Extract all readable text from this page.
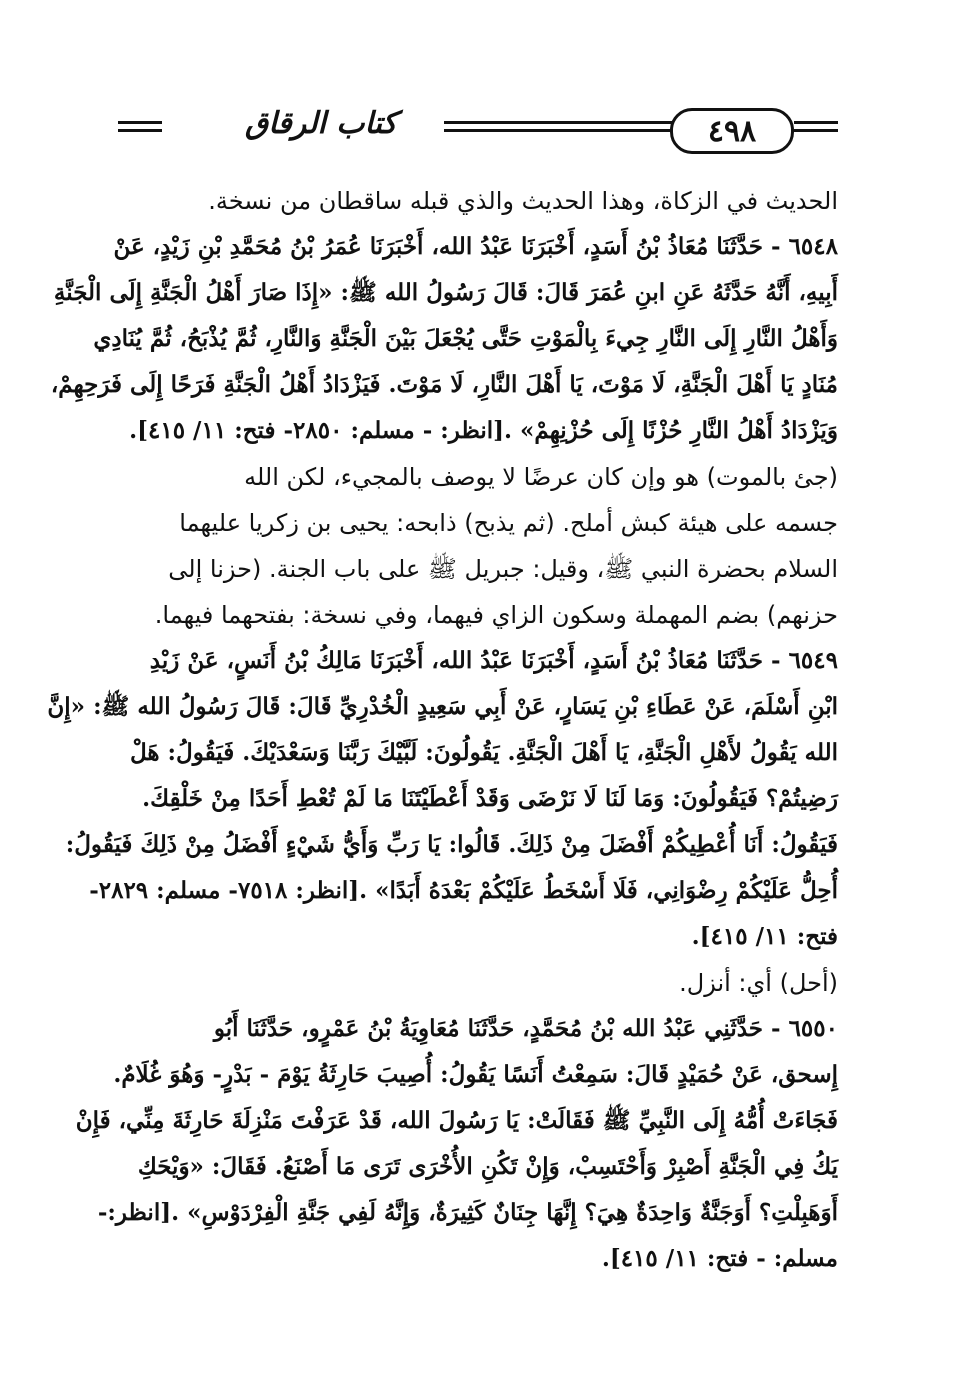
٤٩٨
كتاب الرقاق
الحديث في الزكاة، وهذا الحديث والذي قبله ساقطان من نسخة.
٦٥٤٨ - حَدَّثَنَا مُعَاذُ بْنُ أَسَدٍ، أَخْبَرَنَا عَبْدُ الله، أَخْبَرَنَا عُمَرُ بْنُ مُحَمَّدِ بْنِ زَيْدٍ، عَنْ
أَبِيهِ، أَنَّهُ حَدَّثَهُ عَنِ ابنِ عُمَرَ قَالَ: قَالَ رَسُولُ الله ﷺ: «إِذَا صَارَ أَهْلُ الْجَنَّةِ إِلَى الْجَنَّةِ
وَأَهْلُ النَّارِ إِلَى النَّارِ جِيءَ بِالْمَوْتِ حَتَّى يُجْعَلَ بَيْنَ الْجَنَّةِ وَالنَّارِ، ثُمَّ يُذْبَحُ، ثُمَّ يُنَادِي
مُنَادٍ يَا أَهْلَ الْجَنَّةِ، لَا مَوْتَ، يَا أَهْلَ النَّارِ، لَا مَوْتَ. فَيَزْدَادُ أَهْلُ الْجَنَّةِ فَرَحًا إِلَى فَرَحِهِمْ،
وَيَزْدَادُ أَهْلُ النَّارِ حُزْنًا إِلَى حُزْنِهِمْ» .[انظر: - مسلم: ٢٨٥٠- فتح: ١١/ ٤١٥].
(جئ بالموت) هو وإن كان عرضًا لا يوصف بالمجيء، لكن الله
جسمه على هيئة كبش أملح. (ثم يذبح) ذابحه: يحيى بن زكريا عليهما
السلام بحضرة النبي ﷺ، وقيل: جبريل ﷺ على باب الجنة. (حزنا إلى
حزنهم) بضم المهملة وسكون الزاي فيهما، وفي نسخة: بفتحهما فيهما.
٦٥٤٩ - حَدَّثَنَا مُعَاذُ بْنُ أَسَدٍ، أَخْبَرَنَا عَبْدُ الله، أَخْبَرَنَا مَالِكُ بْنُ أَنَسٍ، عَنْ زَيْدِ
ابْنِ أَسْلَمَ، عَنْ عَطَاءِ بْنِ يَسَارٍ، عَنْ أَبِي سَعِيدٍ الْخُدْرِيِّ قَالَ: قَالَ رَسُولُ الله ﷺ: «إِنَّ
الله يَقُولُ لأَهْلِ الْجَنَّةِ، يَا أَهْلَ الْجَنَّةِ. يَقُولُونَ: لَبَّيْكَ رَبَّنَا وَسَعْدَيْكَ. فَيَقُولُ: هَلْ
رَضِيتُمْ؟ فَيَقُولُونَ: وَمَا لَنَا لَا نَرْضَى وَقَدْ أَعْطَيْتَنَا مَا لَمْ تُعْطِ أَحَدًا مِنْ خَلْقِكَ.
فَيَقُولُ: أَنَا أُعْطِيكُمْ أَفْضَلَ مِنْ ذَلِكَ. قَالُوا: يَا رَبِّ وَأَيُّ شَيْءٍ أَفْضَلُ مِنْ ذَلِكَ فَيَقُولُ:
أُحِلُّ عَلَيْكُمْ رِضْوَانِي، فَلَا أَسْخَطُ عَلَيْكُمْ بَعْدَهُ أَبَدًا» .[انظر: ٧٥١٨- مسلم: ٢٨٢٩-
فتح: ١١/ ٤١٥].
(أحل) أي: أنزل.
٦٥٥٠ - حَدَّثَنِي عَبْدُ الله بْنُ مُحَمَّدٍ، حَدَّثَنَا مُعَاوِيَةُ بْنُ عَمْرٍو، حَدَّثَنَا أَبُو
إِسحق، عَنْ حُمَيْدٍ قَالَ: سَمِعْتُ أَنَسًا يَقُولُ: أُصِيبَ حَارِثَةُ يَوْمَ - بَدْرٍ- وَهُوَ غُلَامٌ.
فَجَاءَتْ أُمُّهُ إِلَى النَّبِيِّ ﷺ فَقَالَتْ: يَا رَسُولَ الله، قَدْ عَرَفْتَ مَنْزِلَةَ حَارِثَةَ مِنِّي، فَإِنْ
يَكُ فِي الْجَنَّةِ أَصْبِرْ وَأَحْتَسِبْ، وَإِنْ تَكُنِ الأُخْرَى تَرَى مَا أَصْنَعُ. فَقَالَ: «وَيْحَكِ
أَوَهَبِلْتِ؟ أَوَجَنَّةٌ وَاحِدَةٌ هِيَ؟ إِنَّهَا جِنَانٌ كَثِيرَةٌ، وَإِنَّهُ لَفِي جَنَّةِ الْفِرْدَوْسِ» .[انظر:-
مسلم: - فتح: ١١/ ٤١٥].
